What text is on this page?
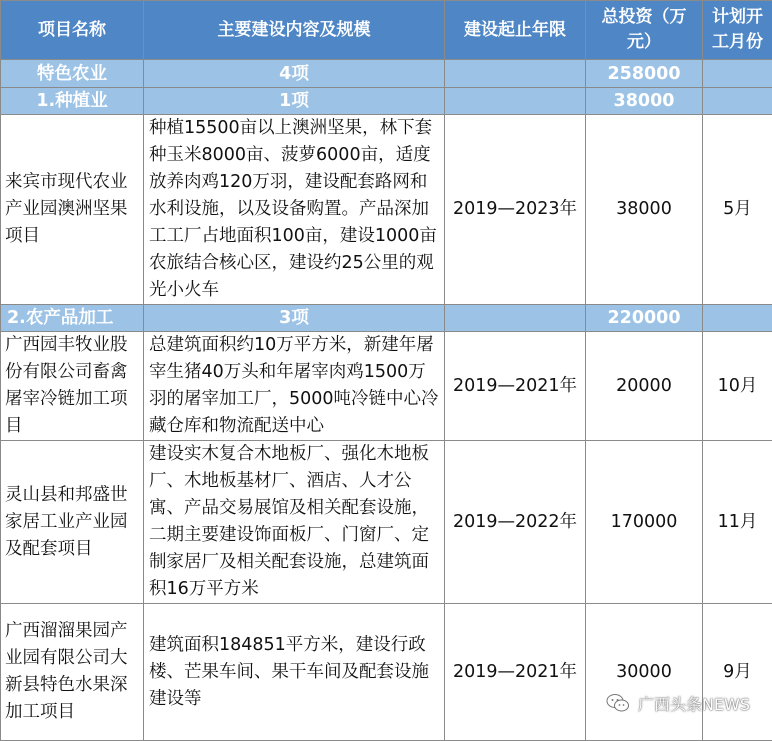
项目名称	主要建设内容及规模	建设起止年限	总投资（万元）	计划开工月份
特色农业	4项		258000	
1.种植业	1项		38000	
来宾市现代农业产业园澳洲坚果项目	种植15500亩以上澳洲坚果，林下套种玉米8000亩、菠萝6000亩，适度放养肉鸡120万羽，建设配套路网和水利设施，以及设备购置。产品深加工工厂占地面积100亩，建设1000亩农旅结合核心区，建设约25公里的观光小火车	2019—2023年	38000	5月
2.农产品加工	3项		220000	
广西园丰牧业股份有限公司畜禽屠宰冷链加工项目	总建筑面积约10万平方米，新建年屠宰生猪40万头和年屠宰肉鸡1500万羽的屠宰加工厂，5000吨冷链中心冷藏仓库和物流配送中心	2019—2021年	20000	10月
灵山县和邦盛世家居工业产业园及配套项目	建设实木复合木地板厂、强化木地板厂、木地板基材厂、酒店、人才公寓、产品交易展馆及相关配套设施，二期主要建设饰面板厂、门窗厂、定制家居厂及相关配套设施，总建筑面积16万平方米	2019—2022年	170000	11月
广西溜溜果园产业园有限公司大新县特色水果深加工项目	建筑面积184851平方米，建设行政楼、芒果车间、果干车间及配套设施建设等	2019—2021年	30000	9月
广西头条NEWS
